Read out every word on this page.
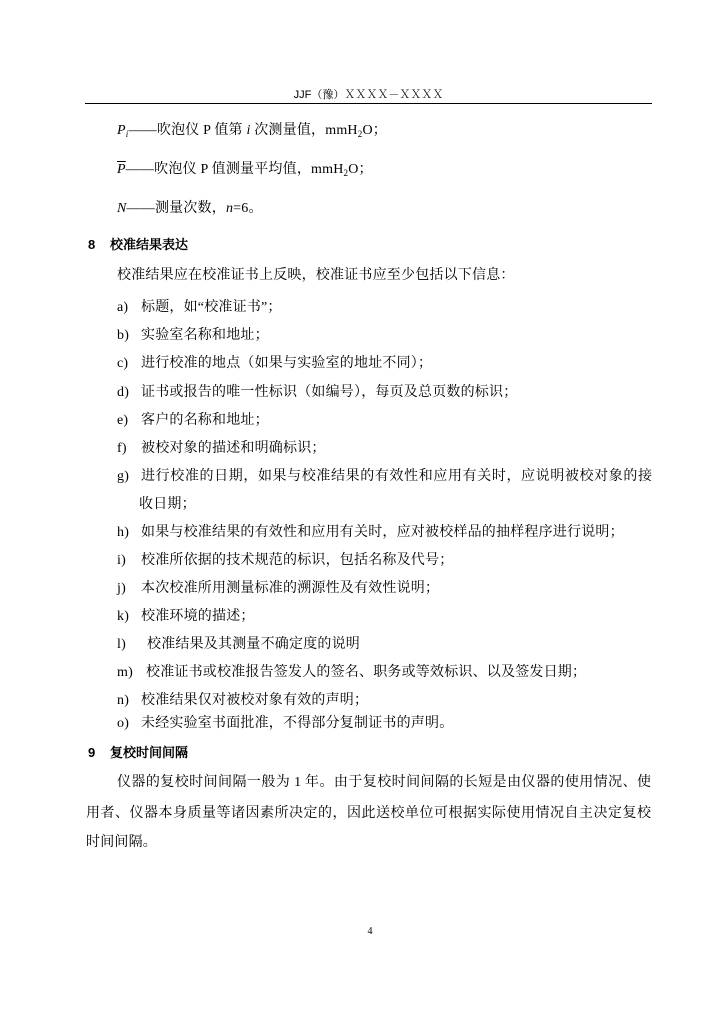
JJF（豫）ＸＸＸＸ－ＸＸＸＸ
$P_i——$吹泡仪 P 值第 i 次测量值，mmH$_2$O；
$\overline{P}——$吹泡仪 P 值测量平均值，mmH$_2$O；
N——测量次数，n=6。
8 校准结果表达
校准结果应在校准证书上反映，校准证书应至少包括以下信息：
a) 标题，如“校准证书”；
b) 实验室名称和地址；
c) 进行校准的地点（如果与实验室的地址不同）；
d) 证书或报告的唯一性标识（如编号），每页及总页数的标识；
e) 客户的名称和地址；
f) 被校对象的描述和明确标识；
g) 进行校准的日期，如果与校准结果的有效性和应用有关时，应说明被校对象的接
收日期；
h) 如果与校准结果的有效性和应用有关时，应对被校样品的抽样程序进行说明；
i) 校准所依据的技术规范的标识，包括名称及代号；
j) 本次校准所用测量标准的溯源性及有效性说明；
k) 校准环境的描述；
l) 校准结果及其测量不确定度的说明
m) 校准证书或校准报告签发人的签名、职务或等效标识、以及签发日期；
n) 校准结果仅对被校对象有效的声明；
o) 未经实验室书面批准，不得部分复制证书的声明。
9 复校时间间隔
仪器的复校时间间隔一般为 1 年。由于复校时间间隔的长短是由仪器的使用情况、使
用者、仪器本身质量等诸因素所决定的，因此送校单位可根据实际使用情况自主决定复校
时间间隔。
4
